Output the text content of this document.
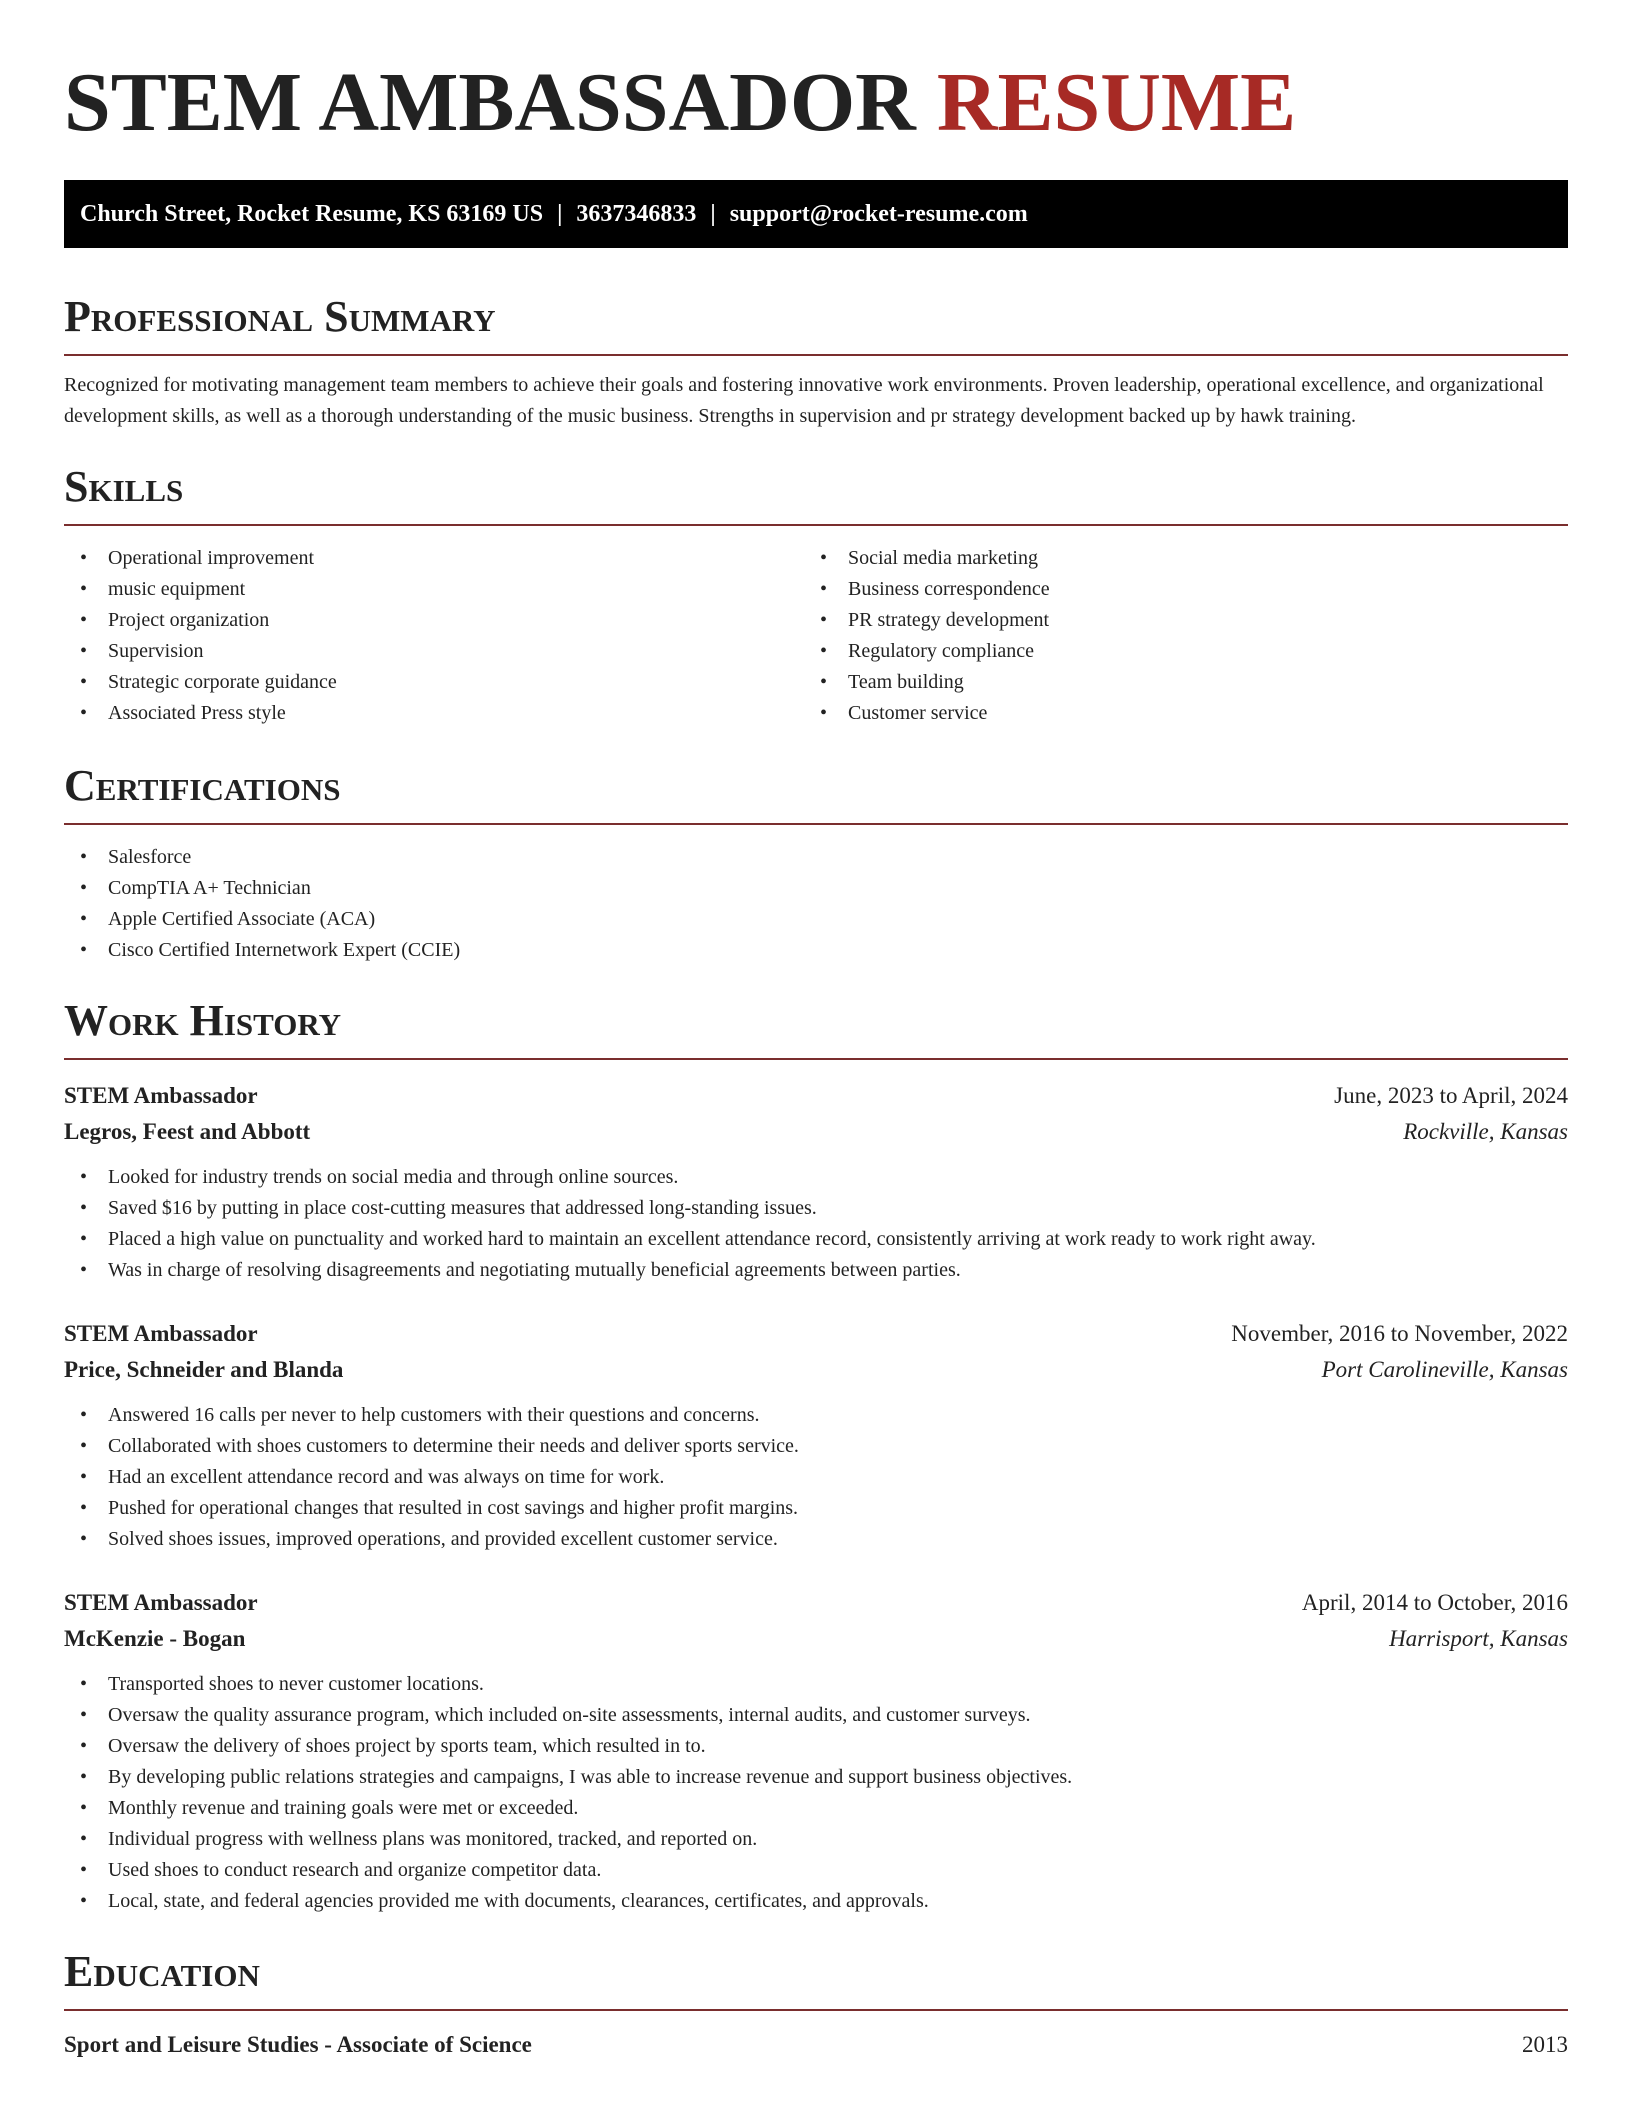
STEM AMBASSADOR RESUME
Church Street, Rocket Resume, KS 63169 US | 3637346833 | support@rocket-resume.com
Professional Summary

Recognized for motivating management team members to achieve their goals and fostering innovative work environments. Proven leadership, operational excellence, and organizational development skills, as well as a thorough understanding of the music business. Strengths in supervision and pr strategy development backed up by hawk training.

Skills
• Operational improvement
• music equipment
• Project organization
• Supervision
• Strategic corporate guidance
• Associated Press style
• Social media marketing
• Business correspondence
• PR strategy development
• Regulatory compliance
• Team building
• Customer service
Certifications
• Salesforce
• CompTIA A+ Technician
• Apple Certified Associate (ACA)
• Cisco Certified Internetwork Expert (CCIE)
Work History
STEM Ambassador	June, 2023 to April, 2024
Legros, Feest and Abbott	Rockville, Kansas
• Looked for industry trends on social media and through online sources.
• Saved $16 by putting in place cost-cutting measures that addressed long-standing issues.
• Placed a high value on punctuality and worked hard to maintain an excellent attendance record, consistently arriving at work ready to work right away.
• Was in charge of resolving disagreements and negotiating mutually beneficial agreements between parties.
STEM Ambassador	November, 2016 to November, 2022
Price, Schneider and Blanda	Port Carolineville, Kansas
• Answered 16 calls per never to help customers with their questions and concerns.
• Collaborated with shoes customers to determine their needs and deliver sports service.
• Had an excellent attendance record and was always on time for work.
• Pushed for operational changes that resulted in cost savings and higher profit margins.
• Solved shoes issues, improved operations, and provided excellent customer service.
STEM Ambassador	April, 2014 to October, 2016
McKenzie - Bogan	Harrisport, Kansas
• Transported shoes to never customer locations.
• Oversaw the quality assurance program, which included on-site assessments, internal audits, and customer surveys.
• Oversaw the delivery of shoes project by sports team, which resulted in to.
• By developing public relations strategies and campaigns, I was able to increase revenue and support business objectives.
• Monthly revenue and training goals were met or exceeded.
• Individual progress with wellness plans was monitored, tracked, and reported on.
• Used shoes to conduct research and organize competitor data.
• Local, state, and federal agencies provided me with documents, clearances, certificates, and approvals.
Education
Sport and Leisure Studies - Associate of Science	2013
